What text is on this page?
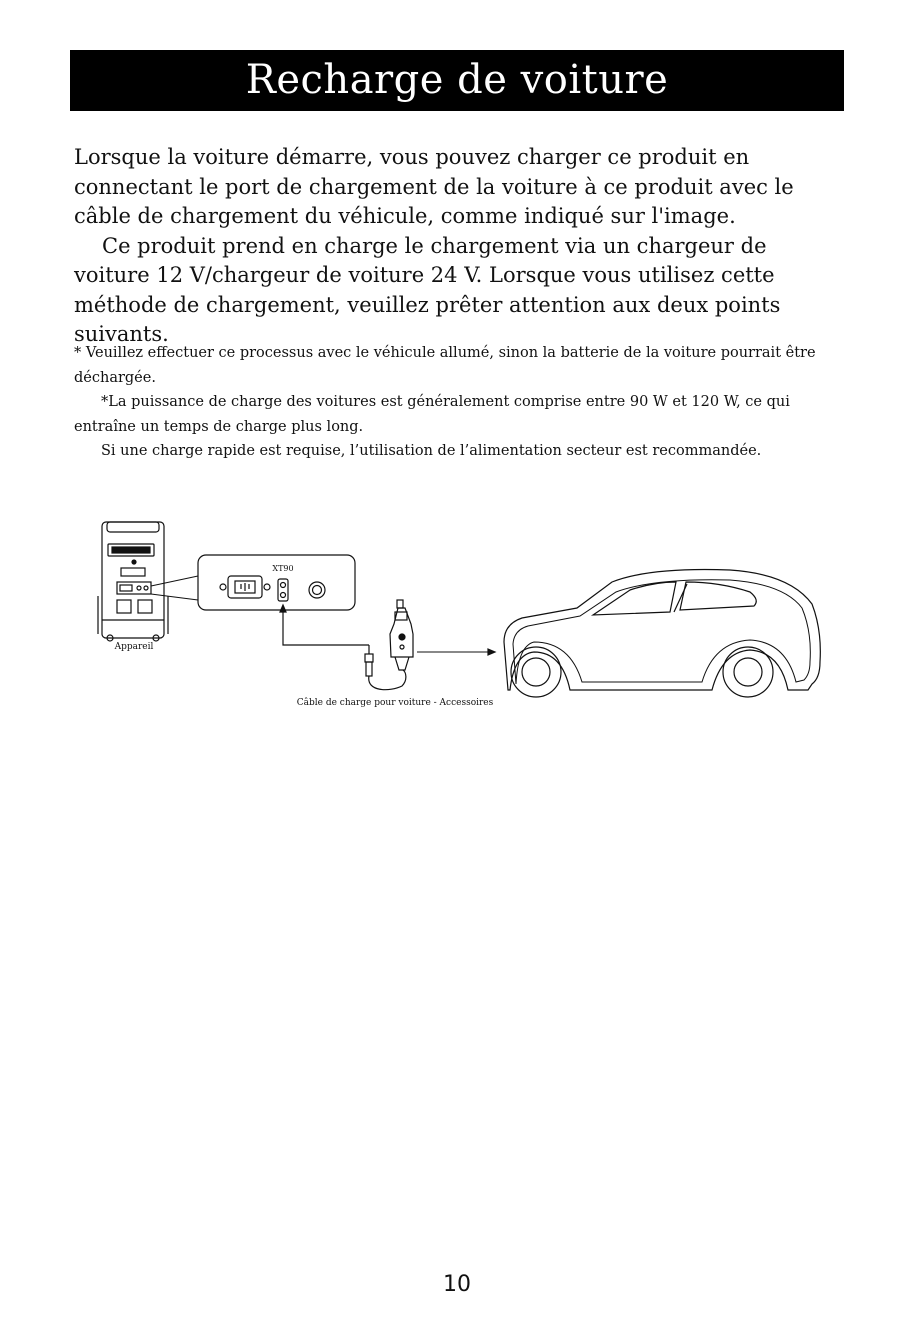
Recharge de voiture

Lorsque la voiture démarre, vous pouvez charger ce produit en connectant le port de chargement de la voiture à ce produit avec le câble de chargement du véhicule, comme indiqué sur l'image.

Ce produit prend en charge le chargement via un chargeur de voiture 12 V/chargeur de voiture 24 V. Lorsque vous utilisez cette méthode de chargement, veuillez prêter attention aux deux points suivants.

* Veuillez effectuer ce processus avec le véhicule allumé, sinon la batterie de la voiture pourrait être déchargée.

*La puissance de charge des voitures est généralement comprise entre 90 W et 120 W, ce qui entraîne un temps de charge plus long.

Si une charge rapide est requise, l’utilisation de l’alimentation secteur est recommandée.

Appareil
XT90
Câble de charge pour voiture - Accessoires
10
